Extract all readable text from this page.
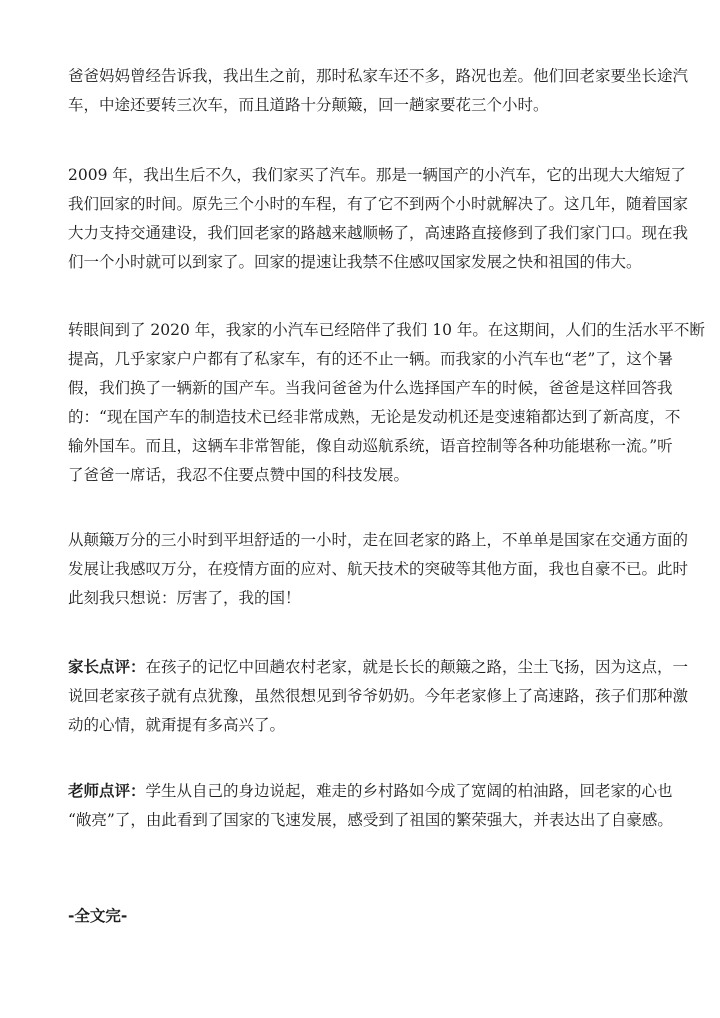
爸爸妈妈曾经告诉我，我出生之前，那时私家车还不多，路况也差。他们回老家要坐长途汽
车，中途还要转三次车，而且道路十分颠簸，回一趟家要花三个小时。
2009 年，我出生后不久，我们家买了汽车。那是一辆国产的小汽车，它的出现大大缩短了
我们回家的时间。原先三个小时的车程，有了它不到两个小时就解决了。这几年，随着国家
大力支持交通建设，我们回老家的路越来越顺畅了，高速路直接修到了我们家门口。现在我
们一个小时就可以到家了。回家的提速让我禁不住感叹国家发展之快和祖国的伟大。
转眼间到了 2020 年，我家的小汽车已经陪伴了我们 10 年。在这期间，人们的生活水平不断
提高，几乎家家户户都有了私家车，有的还不止一辆。而我家的小汽车也“老”了，这个暑
假，我们换了一辆新的国产车。当我问爸爸为什么选择国产车的时候，爸爸是这样回答我
的：“现在国产车的制造技术已经非常成熟，无论是发动机还是变速箱都达到了新高度，不
输外国车。而且，这辆车非常智能，像自动巡航系统，语音控制等各种功能堪称一流。”听
了爸爸一席话，我忍不住要点赞中国的科技发展。
从颠簸万分的三小时到平坦舒适的一小时，走在回老家的路上，不单单是国家在交通方面的
发展让我感叹万分，在疫情方面的应对、航天技术的突破等其他方面，我也自豪不已。此时
此刻我只想说：厉害了，我的国！
家长点评：在孩子的记忆中回趟农村老家，就是长长的颠簸之路，尘土飞扬，因为这点，一
说回老家孩子就有点犹豫，虽然很想见到爷爷奶奶。今年老家修上了高速路，孩子们那种激
动的心情，就甭提有多高兴了。
老师点评：学生从自己的身边说起，难走的乡村路如今成了宽阔的柏油路，回老家的心也
“敞亮”了，由此看到了国家的飞速发展，感受到了祖国的繁荣强大，并表达出了自豪感。
-全文完-
